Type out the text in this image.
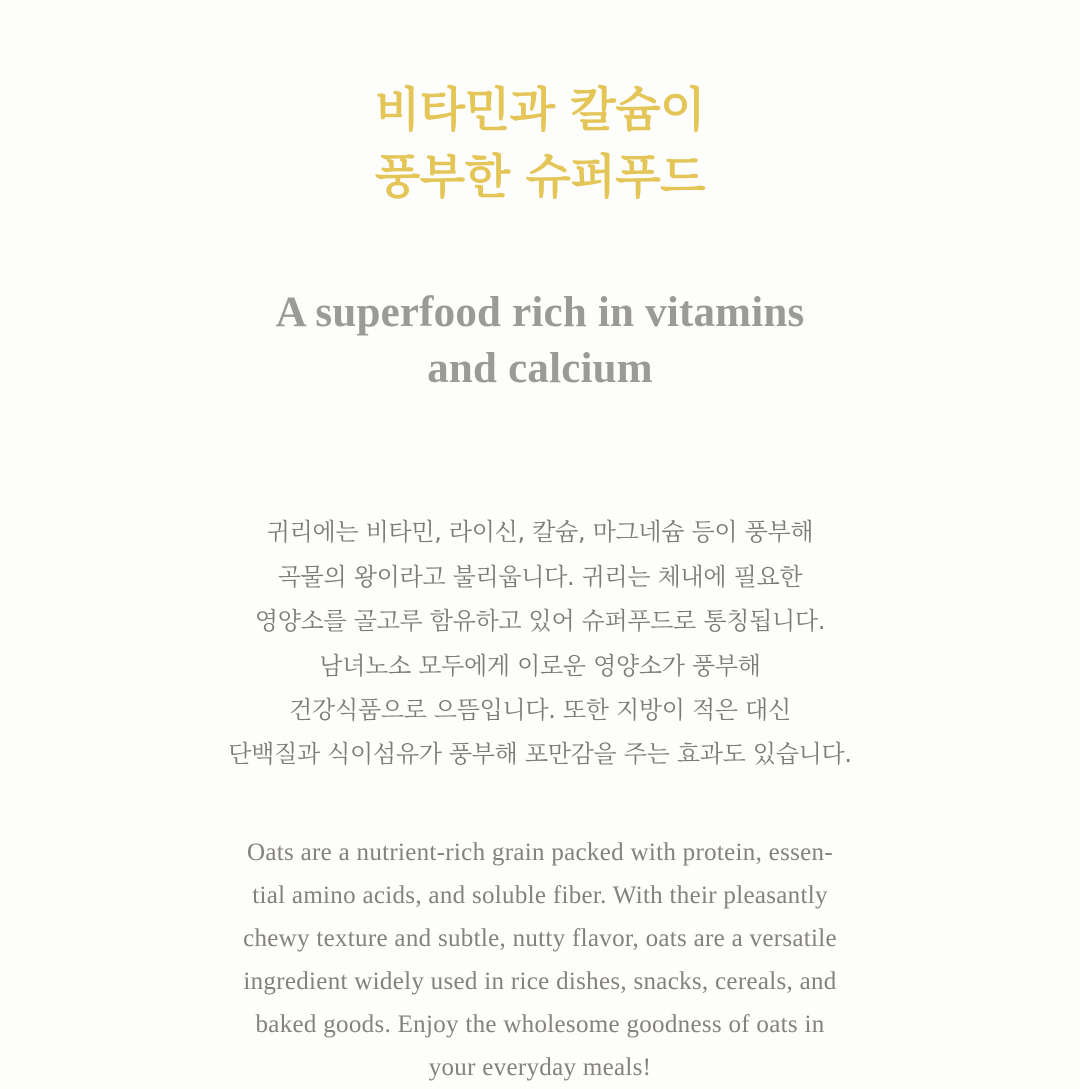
비타민과 칼슘이
풍부한 슈퍼푸드
A superfood rich in vitamins
and calcium
귀리에는 비타민, 라이신, 칼슘, 마그네슘 등이 풍부해
곡물의 왕이라고 불리웁니다. 귀리는 체내에 필요한
영양소를 골고루 함유하고 있어 슈퍼푸드로 통칭됩니다.
남녀노소 모두에게 이로운 영양소가 풍부해
건강식품으로 으뜸입니다. 또한 지방이 적은 대신
단백질과 식이섬유가 풍부해 포만감을 주는 효과도 있습니다.
Oats are a nutrient-rich grain packed with protein, essen-
tial amino acids, and soluble fiber. With their pleasantly
chewy texture and subtle, nutty flavor, oats are a versatile
ingredient widely used in rice dishes, snacks, cereals, and
baked goods. Enjoy the wholesome goodness of oats in
your everyday meals!
